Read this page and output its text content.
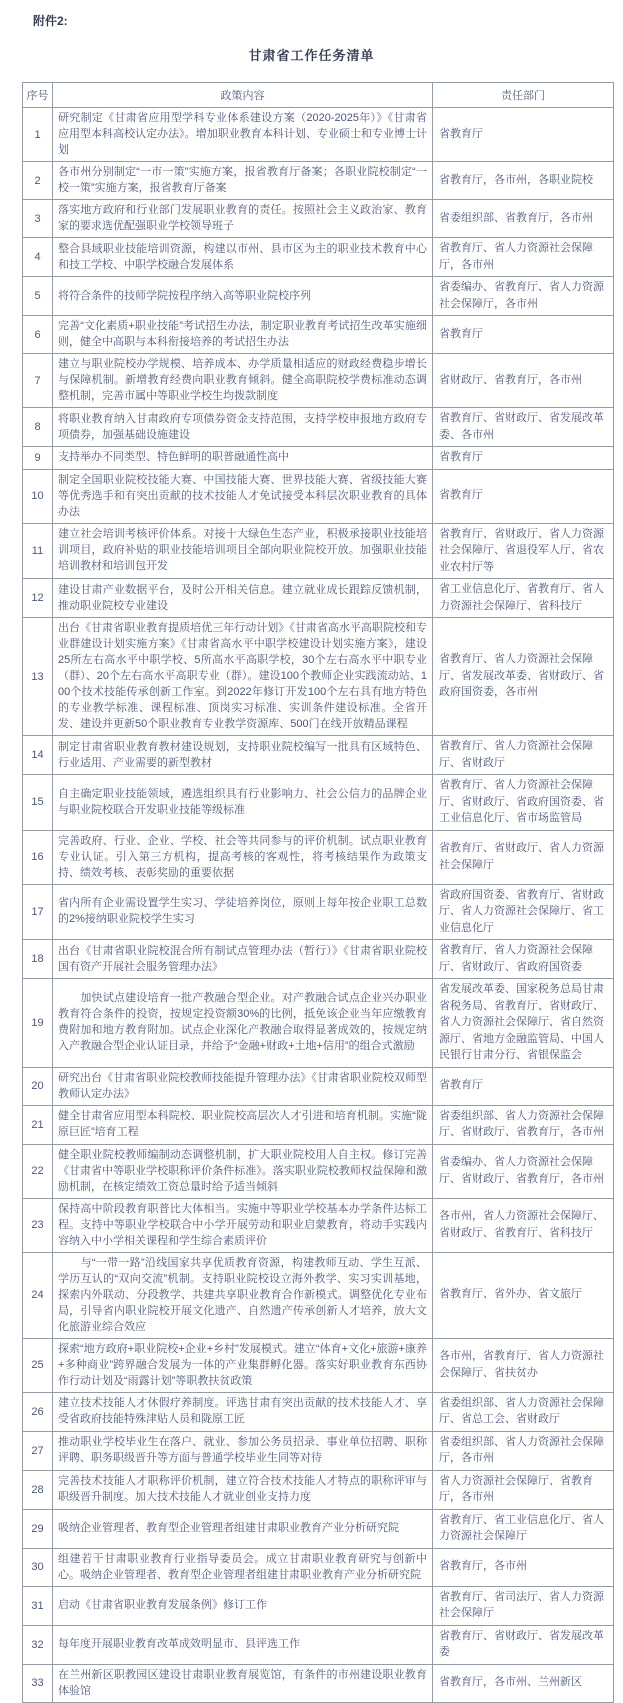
附件2:
甘肃省工作任务清单
序号	政策内容	责任部门
1	研究制定《甘肃省应用型学科专业体系建设方案（2020-2025年）》《甘肃省应用型本科高校认定办法》。增加职业教育本科计划、专业硕士和专业博士计划	省教育厅
2	各市州分别制定“一市一策”实施方案，报省教育厅备案；各职业院校制定“一校一策”实施方案，报省教育厅备案	省教育厅，各市州，各职业院校
3	落实地方政府和行业部门发展职业教育的责任。按照社会主义政治家、教育家的要求选优配强职业学校领导班子	省委组织部、省教育厅，各市州
4	整合县域职业技能培训资源，构建以市州、县市区为主的职业技术教育中心和技工学校、中职学校融合发展体系	省教育厅、省人力资源社会保障厅，各市州
5	将符合条件的技师学院按程序纳入高等职业院校序列	省委编办、省教育厅、省人力资源社会保障厅，各市州
6	完善“文化素质+职业技能”考试招生办法，制定职业教育考试招生改革实施细则，健全中高职与本科衔接培养的考试招生办法	省教育厅
7	建立与职业院校办学规模、培养成本、办学质量相适应的财政经费稳步增长与保障机制。新增教育经费向职业教育倾斜。健全高职院校学费标准动态调整机制，完善市属中等职业学校生均拨款制度	省财政厅、省教育厅，各市州
8	将职业教育纳入甘肃政府专项债券资金支持范围，支持学校申报地方政府专项债券，加强基础设施建设	省教育厅、省财政厅、省发展改革委、各市州
9	支持举办不同类型、特色鲜明的职普融通性高中	省教育厅
10	制定全国职业院校技能大赛、中国技能大赛、世界技能大赛、省级技能大赛等优秀选手和有突出贡献的技术技能人才免试接受本科层次职业教育的具体办法	省教育厅
11	建立社会培训考核评价体系。对接十大绿色生态产业，积极承接职业技能培训项目，政府补贴的职业技能培训项目全部向职业院校开放。加强职业技能培训教材和培训包开发	省教育厅、省财政厅、省人力资源社会保障厅、省退役军人厅、省农业农村厅等
12	建设甘肃产业数据平台，及时公开相关信息。建立就业成长跟踪反馈机制，推动职业院校专业建设	省工业信息化厅、省教育厅、省人力资源社会保障厅、省科技厅
13	出台《甘肃省职业教育提质培优三年行动计划》《甘肃省高水平高职院校和专业群建设计划实施方案》《甘肃省高水平中职学校建设计划实施方案》，建设25所左右高水平中职学校、5所高水平高职学校，30个左右高水平中职专业（群）、20个左右高水平高职专业（群）。建设100个教师企业实践流动站、100个技术技能传承创新工作室。到2022年修订开发100个左右具有地方特色的专业教学标准、课程标准、顶岗实习标准、实训条件建设标准。全省开发、建设并更新50个职业教育专业教学资源库、500门在线开放精品课程	省教育厅、省人力资源社会保障厅、省发展改革委、省财政厅、省政府国资委，各市州
14	制定甘肃省职业教育教材建设规划，支持职业院校编写一批具有区域特色、行业适用、产业需要的新型教材	省教育厅、省人力资源社会保障厅、省财政厅
15	自主确定职业技能领域，遴选组织具有行业影响力、社会公信力的品牌企业与职业院校联合开发职业技能等级标准	省教育厅、省人力资源社会保障厅、省财政厅、省政府国资委、省工业信息化厅、省市场监管局
16	完善政府、行业、企业、学校、社会等共同参与的评价机制。试点职业教育专业认证。引入第三方机构，提高考核的客观性，将考核结果作为政策支持、绩效考核、表彰奖励的重要依据	省教育厅、省财政厅、省人力资源社会保障厅
17	省内所有企业需设置学生实习、学徒培养岗位，原则上每年按企业职工总数的2%接纳职业院校学生实习	省政府国资委、省教育厅、省财政厅、省人力资源社会保障厅、省工业信息化厅
18	出台《甘肃省职业院校混合所有制试点管理办法（暂行）》《甘肃省职业院校国有资产开展社会服务管理办法》	省教育厅、省人力资源社会保障厅、省财政厅、省政府国资委
19	　　加快试点建设培育一批产教融合型企业。对产教融合试点企业兴办职业教育符合条件的投资，按规定投资额30%的比例，抵免该企业当年应缴教育费附加和地方教育附加。试点企业深化产教融合取得显著成效的，按规定纳入产教融合型企业认证目录，并给予“金融+财政+土地+信用”的组合式激励	省发展改革委、国家税务总局甘肃省税务局、省教育厅、省财政厅、省人力资源社会保障厅、省自然资源厅、省地方金融监管局、中国人民银行甘肃分行、省银保监会
20	研究出台《甘肃省职业院校教师技能提升管理办法》《甘肃省职业院校双师型教师认定办法》	省教育厅
21	健全甘肃省应用型本科院校、职业院校高层次人才引进和培育机制。实施“陇原巨匠”培育工程	省委组织部、省人力资源社会保障厅、省财政厅、省教育厅，各市州
22	健全职业院校教师编制动态调整机制，扩大职业院校用人自主权。修订完善《甘肃省中等职业学校职称评价条件标准》。落实职业院校教师权益保障和激励机制，在核定绩效工资总量时给予适当倾斜	省委编办、省人力资源社会保障厅、省财政厅、省教育厅，各市州
23	保持高中阶段教育职普比大体相当。实施中等职业学校基本办学条件达标工程。支持中等职业学校联合中小学开展劳动和职业启蒙教育，将动手实践内容纳入中小学相关课程和学生综合素质评价	各市州，省人力资源社会保障厅、省财政厅、省教育厅、省科技厅
24	　　与“一带一路”沿线国家共享优质教育资源，构建教师互动、学生互派、学历互认的“双向交流”机制。支持职业院校设立海外教学、实习实训基地，探索内外联动、分段教学、共建共享职业教育合作新模式。调整优化专业布局，引导省内职业院校开展文化遗产、自然遗产传承创新人才培养，放大文化旅游业综合效应	省教育厅、省外办、省文旅厅
25	探索“地方政府+职业院校+企业+乡村”发展模式。建立“体育+文化+旅游+康养+多种商业”跨界融合发展为一体的产业集群孵化器。落实好职业教育东西协作行动计划及“雨露计划”等职教扶贫政策	各市州，省教育厅、省人力资源社会保障厅、省扶贫办
26	建立技术技能人才休假疗养制度。评选甘肃有突出贡献的技术技能人才、享受省政府技能特殊津贴人员和陇原工匠	省委组织部、省人力资源社会保障厅、省总工会、省财政厅
27	推动职业学校毕业生在落户、就业、参加公务员招录、事业单位招聘、职称评聘、职务职级晋升等方面与普通学校毕业生同等对待	省委组织部、省人力资源社会保障厅，各市州
28	完善技术技能人才职称评价机制，建立符合技术技能人才特点的职称评审与职级晋升制度。加大技术技能人才就业创业支持力度	省人力资源社会保障厅、省教育厅，各市州
29	吸纳企业管理者、教育型企业管理者组建甘肃职业教育产业分析研究院	省教育厅、省工业信息化厅、省人力资源社会保障厅
30	组建若干甘肃职业教育行业指导委员会。成立甘肃职业教育研究与创新中心。吸纳企业管理者、教育型企业管理者组建甘肃职业教育产业分析研究院	省教育厅，各市州
31	启动《甘肃省职业教育发展条例》修订工作	省教育厅、省司法厅、省人力资源社会保障厅
32	每年度开展职业教育改革成效明显市、县评选工作	省教育厅、省财政厅、省发展改革委
33	在兰州新区职教园区建设甘肃职业教育展览馆，有条件的市州建设职业教育体验馆	省教育厅，各市州、兰州新区
